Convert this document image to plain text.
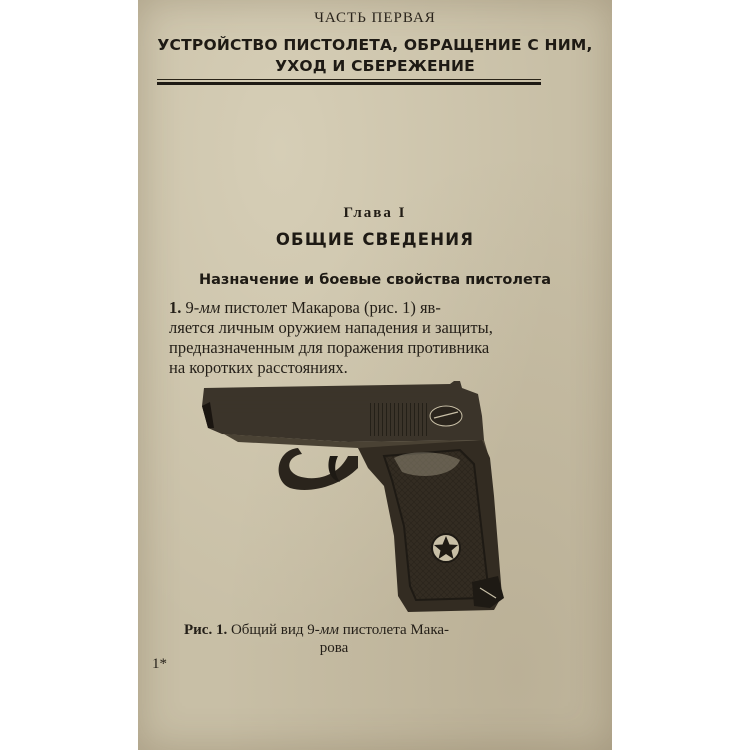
ЧАСТЬ ПЕРВАЯ
УСТРОЙСТВО ПИСТОЛЕТА, ОБРАЩЕНИЕ С НИМ,
УХОД И СБЕРЕЖЕНИЕ
Глава I
ОБЩИЕ СВЕДЕНИЯ
Назначение и боевые свойства пистолета
1. 9-мм пистолет Макарова (рис. 1) яв-
ляется личным оружием нападения и защиты,
предназначенным для поражения противника
на коротких расстояниях.
Рис. 1. Общий вид 9-мм пистолета Мака-
рова
1*
